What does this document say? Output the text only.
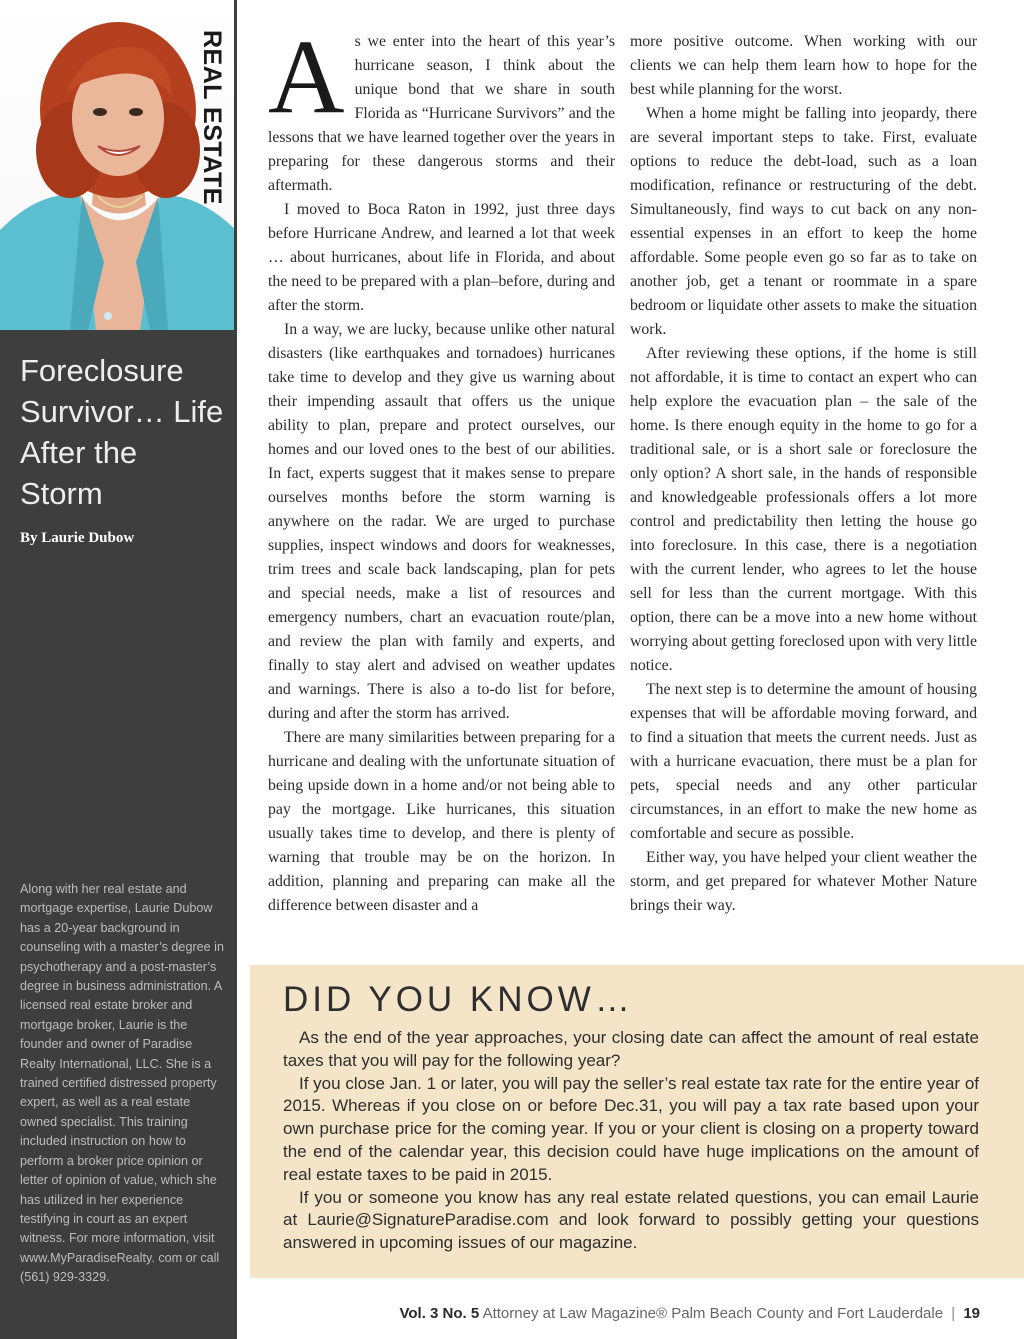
REAL ESTATE
Foreclosure Survivor… Life After the Storm
By Laurie Dubow

Along with her real estate and mortgage expertise, Laurie Dubow has a 20-year background in counseling with a master’s degree in psychotherapy and a post-master’s degree in business administration. A licensed real estate broker and mortgage broker, Laurie is the founder and owner of Paradise Realty International, LLC. She is a trained certified distressed property expert, as well as a real estate owned specialist. This training included instruction on how to perform a broker price opinion or letter of opinion of value, which she has utilized in her experience testifying in court as an expert witness. For more information, visit www.MyParadiseRealty. com or call (561) 929-3329.

As we enter into the heart of this year’s hurricane season, I think about the unique bond that we share in south Florida as “Hurricane Survivors” and the lessons that we have learned together over the years in preparing for these dangerous storms and their aftermath.

I moved to Boca Raton in 1992, just three days before Hurricane Andrew, and learned a lot that week … about hurricanes, about life in Florida, and about the need to be prepared with a plan–before, during and after the storm.

In a way, we are lucky, because unlike other natural disasters (like earthquakes and tornadoes) hurricanes take time to develop and they give us warning about their impending assault that offers us the unique ability to plan, prepare and protect ourselves, our homes and our loved ones to the best of our abilities. In fact, experts suggest that it makes sense to prepare ourselves months before the storm warning is anywhere on the radar. We are urged to purchase supplies, inspect windows and doors for weaknesses, trim trees and scale back landscaping, plan for pets and special needs, make a list of resources and emergency numbers, chart an evacuation route/plan, and review the plan with family and experts, and finally to stay alert and advised on weather updates and warnings. There is also a to-do list for before, during and after the storm has arrived.

There are many similarities between preparing for a hurricane and dealing with the unfortunate situation of being upside down in a home and/or not being able to pay the mortgage. Like hurricanes, this situation usually takes time to develop, and there is plenty of warning that trouble may be on the horizon. In addition, planning and preparing can make all the difference between disaster and a

more positive outcome. When working with our clients we can help them learn how to hope for the best while planning for the worst.

When a home might be falling into jeopardy, there are several important steps to take. First, evaluate options to reduce the debt-load, such as a loan modification, refinance or restructuring of the debt. Simultaneously, find ways to cut back on any non-essential expenses in an effort to keep the home affordable. Some people even go so far as to take on another job, get a tenant or roommate in a spare bedroom or liquidate other assets to make the situation work.

After reviewing these options, if the home is still not affordable, it is time to contact an expert who can help explore the evacuation plan – the sale of the home. Is there enough equity in the home to go for a traditional sale, or is a short sale or foreclosure the only option? A short sale, in the hands of responsible and knowledgeable professionals offers a lot more control and predictability then letting the house go into foreclosure. In this case, there is a negotiation with the current lender, who agrees to let the house sell for less than the current mortgage. With this option, there can be a move into a new home without worrying about getting foreclosed upon with very little notice.

The next step is to determine the amount of housing expenses that will be affordable moving forward, and to find a situation that meets the current needs. Just as with a hurricane evacuation, there must be a plan for pets, special needs and any other particular circumstances, in an effort to make the new home as comfortable and secure as possible.

Either way, you have helped your client weather the storm, and get prepared for whatever Mother Nature brings their way.

DID YOU KNOW…

As the end of the year approaches, your closing date can affect the amount of real estate taxes that you will pay for the following year?

If you close Jan. 1 or later, you will pay the seller’s real estate tax rate for the entire year of 2015. Whereas if you close on or before Dec.31, you will pay a tax rate based upon your own purchase price for the coming year. If you or your client is closing on a property toward the end of the calendar year, this decision could have huge implications on the amount of real estate taxes to be paid in 2015.

If you or someone you know has any real estate related questions, you can email Laurie at Laurie@SignatureParadise.com and look forward to possibly getting your questions answered in upcoming issues of our magazine.

Vol. 3 No. 5 Attorney at Law Magazine® Palm Beach County and Fort Lauderdale | 19
